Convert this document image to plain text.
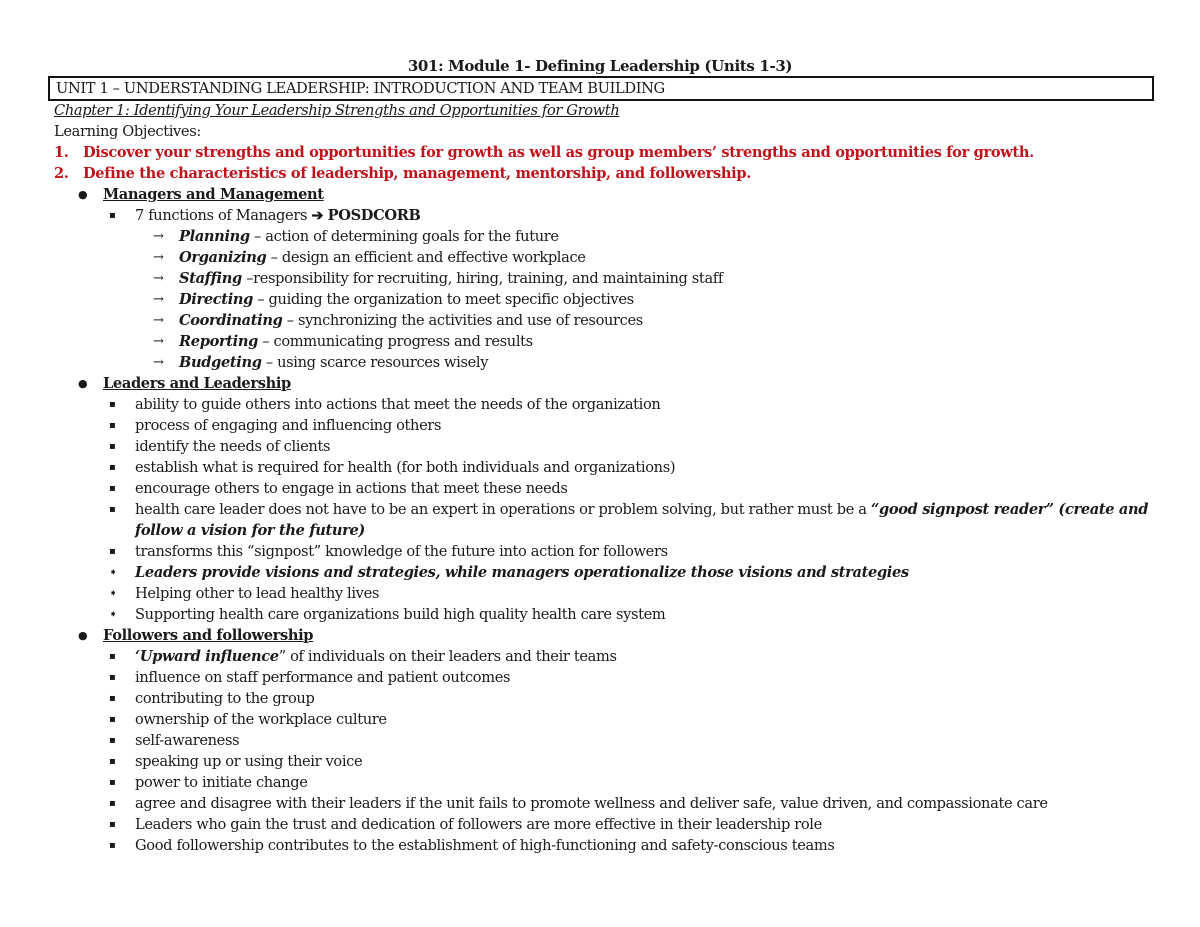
301: Module 1- Defining Leadership (Units 1-3)
UNIT 1 – UNDERSTANDING LEADERSHIP: INTRODUCTION AND TEAM BUILDING
Chapter 1: Identifying Your Leadership Strengths and Opportunities for Growth
Learning Objectives:
1. Discover your strengths and opportunities for growth as well as group members’ strengths and opportunities for growth.
2. Define the characteristics of leadership, management, mentorship, and followership.
● Managers and Management
▪ 7 functions of Managers ➔ POSDCORB
→ Planning – action of determining goals for the future
→ Organizing – design an efficient and effective workplace
→ Staffing –responsibility for recruiting, hiring, training, and maintaining staff
→ Directing – guiding the organization to meet specific objectives
→ Coordinating – synchronizing the activities and use of resources
→ Reporting – communicating progress and results
→ Budgeting – using scarce resources wisely
● Leaders and Leadership
▪ ability to guide others into actions that meet the needs of the organization
▪ process of engaging and influencing others
▪ identify the needs of clients
▪ establish what is required for health (for both individuals and organizations)
▪ encourage others to engage in actions that meet these needs
▪ health care leader does not have to be an expert in operations or problem solving, but rather must be a “good signpost reader” (create and
follow a vision for the future)
▪ transforms this “signpost” knowledge of the future into action for followers
➧ Leaders provide visions and strategies, while managers operationalize those visions and strategies
➧ Helping other to lead healthy lives
➧ Supporting health care organizations build high quality health care system
● Followers and followership
▪ ‘Upward influence” of individuals on their leaders and their teams
▪ influence on staff performance and patient outcomes
▪ contributing to the group
▪ ownership of the workplace culture
▪ self-awareness
▪ speaking up or using their voice
▪ power to initiate change
▪ agree and disagree with their leaders if the unit fails to promote wellness and deliver safe, value driven, and compassionate care
▪ Leaders who gain the trust and dedication of followers are more effective in their leadership role
▪ Good followership contributes to the establishment of high-functioning and safety-conscious teams
